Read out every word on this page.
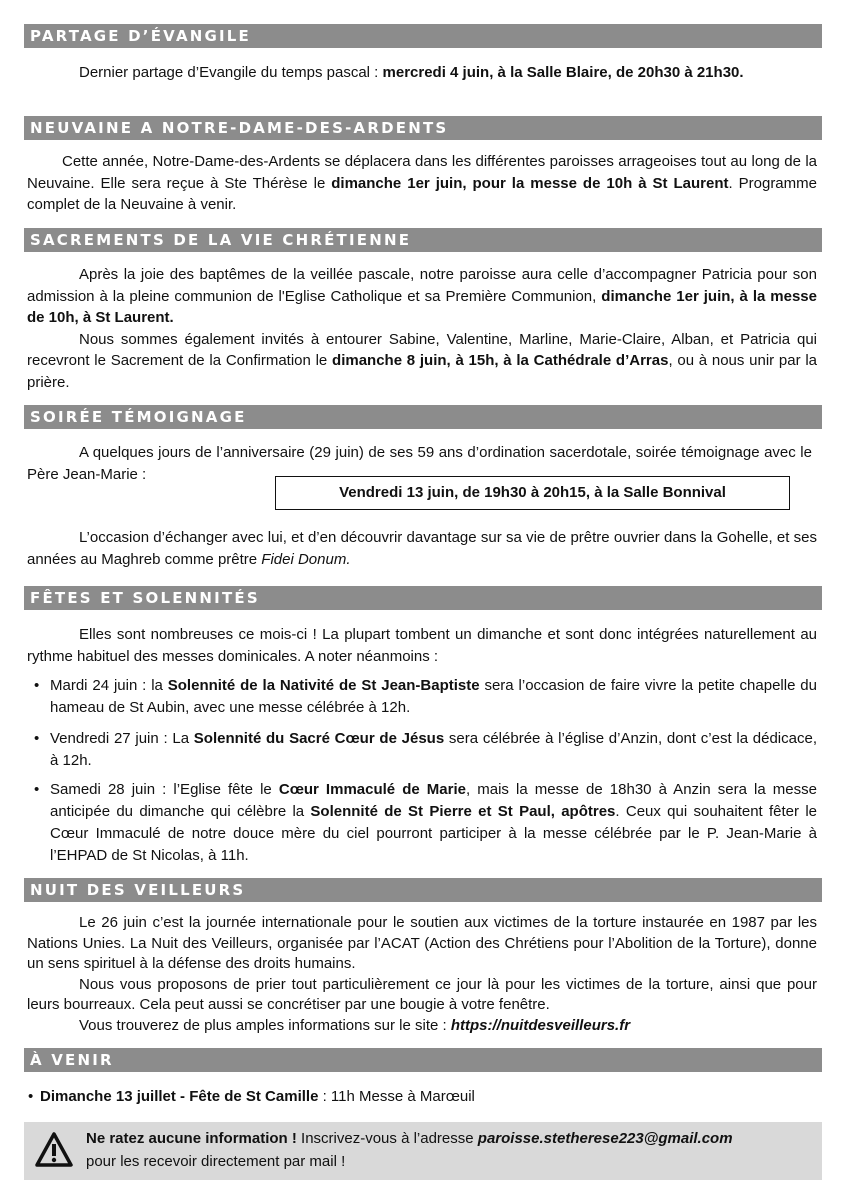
PARTAGE D’ÉVANGILE

Dernier partage d’Evangile du temps pascal : mercredi 4 juin, à la Salle Blaire, de 20h30 à 21h30.

NEUVAINE A NOTRE-DAME-DES-ARDENTS

Cette année, Notre-Dame-des-Ardents se déplacera dans les différentes paroisses arrageoises tout au long de la Neuvaine. Elle sera reçue à Ste Thérèse le dimanche 1er juin, pour la messe de 10h à St Laurent. Programme complet de la Neuvaine à venir.

SACREMENTS DE LA VIE CHRÉTIENNE

Après la joie des baptêmes de la veillée pascale, notre paroisse aura celle d’accompagner Patricia pour son admission à la pleine communion de l'Eglise Catholique et sa Première Communion, dimanche 1er juin, à la messe de 10h, à St Laurent.

Nous sommes également invités à entourer Sabine, Valentine, Marline, Marie-Claire, Alban, et Patricia qui recevront le Sacrement de la Confirmation le dimanche 8 juin, à 15h, à la Cathédrale d’Arras, ou à nous unir par la prière.

SOIRÉE TÉMOIGNAGE

A quelques jours de l’anniversaire (29 juin) de ses 59 ans d’ordination sacerdotale, soirée témoignage avec le Père Jean-Marie :

Vendredi 13 juin, de 19h30 à 20h15, à la Salle Bonnival

L’occasion d’échanger avec lui, et d’en découvrir davantage sur sa vie de prêtre ouvrier dans la Gohelle, et ses années au Maghreb comme prêtre Fidei Donum.

FÊTES ET SOLENNITÉS

Elles sont nombreuses ce mois-ci ! La plupart tombent un dimanche et sont donc intégrées naturellement au rythme habituel des messes dominicales. A noter néanmoins :

• Mardi 24 juin : la Solennité de la Nativité de St Jean-Baptiste sera l’occasion de faire vivre la petite chapelle du hameau de St Aubin, avec une messe célébrée à 12h.
• Vendredi 27 juin : La Solennité du Sacré Cœur de Jésus sera célébrée à l’église d’Anzin, dont c’est la dédicace, à 12h.
• Samedi 28 juin : l’Eglise fête le Cœur Immaculé de Marie, mais la messe de 18h30 à Anzin sera la messe anticipée du dimanche qui célèbre la Solennité de St Pierre et St Paul, apôtres. Ceux qui souhaitent fêter le Cœur Immaculé de notre douce mère du ciel pourront participer à la messe célébrée par le P. Jean-Marie à l’EHPAD de St Nicolas, à 11h.
NUIT DES VEILLEURS

Le 26 juin c’est la journée internationale pour le soutien aux victimes de la torture instaurée en 1987 par les Nations Unies. La Nuit des Veilleurs, organisée par l’ACAT (Action des Chrétiens pour l’Abolition de la Torture), donne un sens spirituel à la défense des droits humains.

Nous vous proposons de prier tout particulièrement ce jour là pour les victimes de la torture, ainsi que pour leurs bourreaux. Cela peut aussi se concrétiser par une bougie à votre fenêtre.

Vous trouverez de plus amples informations sur le site : https://nuitdesveilleurs.fr

À VENIR
• Dimanche 13 juillet - Fête de St Camille : 11h Messe à Marœuil
Ne ratez aucune information ! Inscrivez-vous à l’adresse paroisse.stetherese223@gmail.com
pour les recevoir directement par mail !
